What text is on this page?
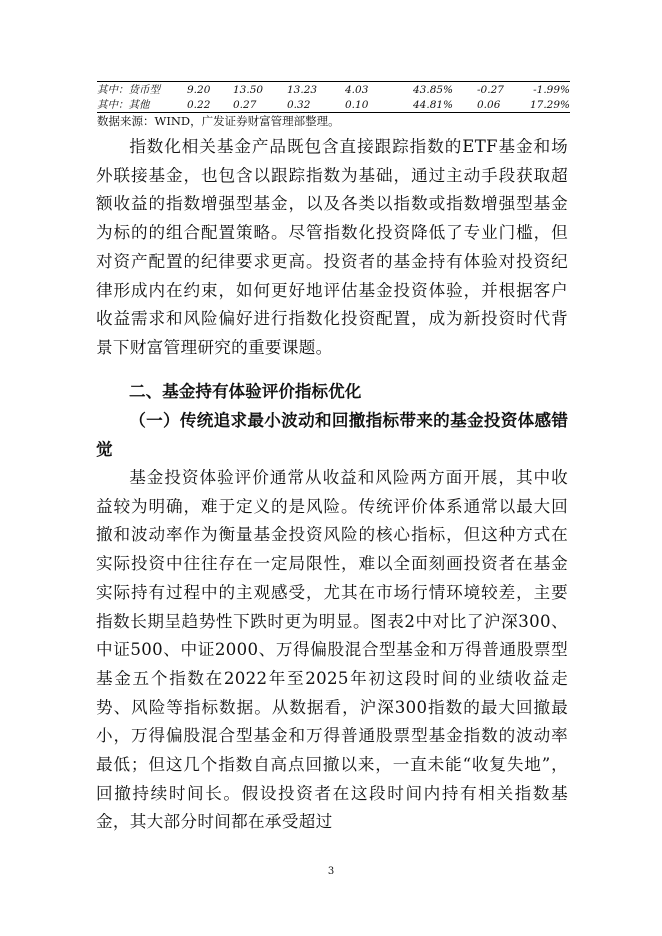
其中：货币型	9.20	13.50	13.23	4.03	43.85%	-0.27	-1.99%
其中：其他	0.22	0.27	0.32	0.10	44.81%	0.06	17.29%
数据来源：WIND，广发证券财富管理部整理。

指数化相关基金产品既包含直接跟踪指数的ETF基金和场外联接基金，也包含以跟踪指数为基础，通过主动手段获取超额收益的指数增强型基金，以及各类以指数或指数增强型基金为标的的组合配置策略。尽管指数化投资降低了专业门槛，但对资产配置的纪律要求更高。投资者的基金持有体验对投资纪律形成内在约束，如何更好地评估基金投资体验，并根据客户收益需求和风险偏好进行指数化投资配置，成为新投资时代背景下财富管理研究的重要课题。

二、基金持有体验评价指标优化
（一）传统追求最小波动和回撤指标带来的基金投资体感错觉

基金投资体验评价通常从收益和风险两方面开展，其中收益较为明确，难于定义的是风险。传统评价体系通常以最大回撤和波动率作为衡量基金投资风险的核心指标，但这种方式在实际投资中往往存在一定局限性，难以全面刻画投资者在基金实际持有过程中的主观感受，尤其在市场行情环境较差，主要指数长期呈趋势性下跌时更为明显。图表2中对比了沪深300、中证500、中证2000、万得偏股混合型基金和万得普通股票型基金五个指数在2022年至2025年初这段时间的业绩收益走势、风险等指标数据。从数据看，沪深300指数的最大回撤最小，万得偏股混合型基金和万得普通股票型基金指数的波动率最低；但这几个指数自高点回撤以来，一直未能“收复失地”，回撤持续时间长。假设投资者在这段时间内持有相关指数基金，其大部分时间都在承受超过

3
